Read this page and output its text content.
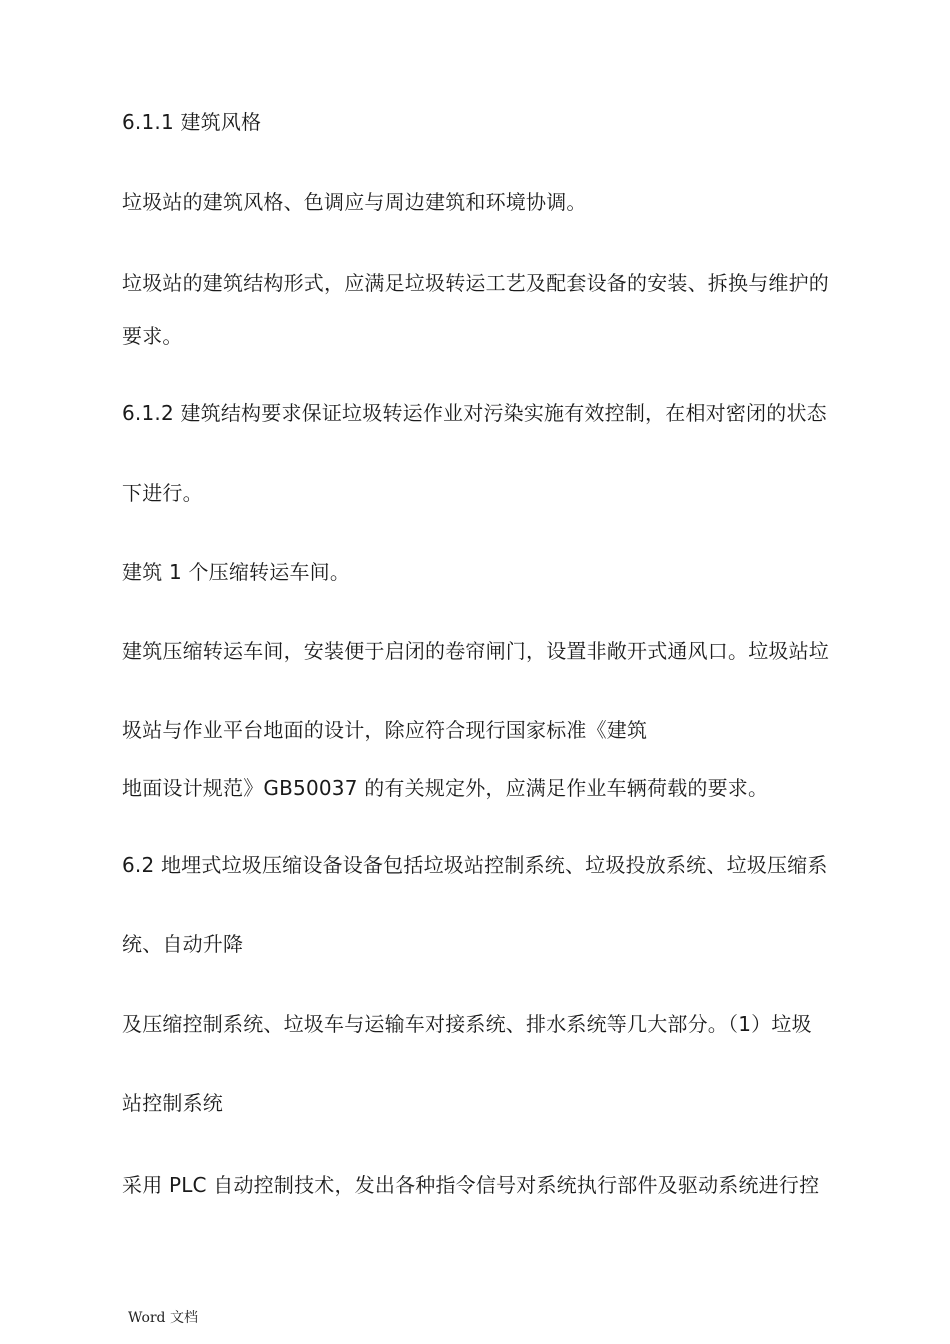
6.1.1 建筑风格
垃圾站的建筑风格、色调应与周边建筑和环境协调。
垃圾站的建筑结构形式，应满足垃圾转运工艺及配套设备的安装、拆换与维护的
要求。
6.1.2 建筑结构要求保证垃圾转运作业对污染实施有效控制，在相对密闭的状态
下进行。
建筑 1 个压缩转运车间。
建筑压缩转运车间，安装便于启闭的卷帘闸门，设置非敞开式通风口。垃圾站垃
圾站与作业平台地面的设计，除应符合现行国家标准《建筑
地面设计规范》GB50037 的有关规定外，应满足作业车辆荷载的要求。
6.2 地埋式垃圾压缩设备设备包括垃圾站控制系统、垃圾投放系统、垃圾压缩系
统、自动升降
及压缩控制系统、垃圾车与运输车对接系统、排水系统等几大部分。（1）垃圾
站控制系统
采用 PLC 自动控制技术，发出各种指令信号对系统执行部件及驱动系统进行控
Word 文档
